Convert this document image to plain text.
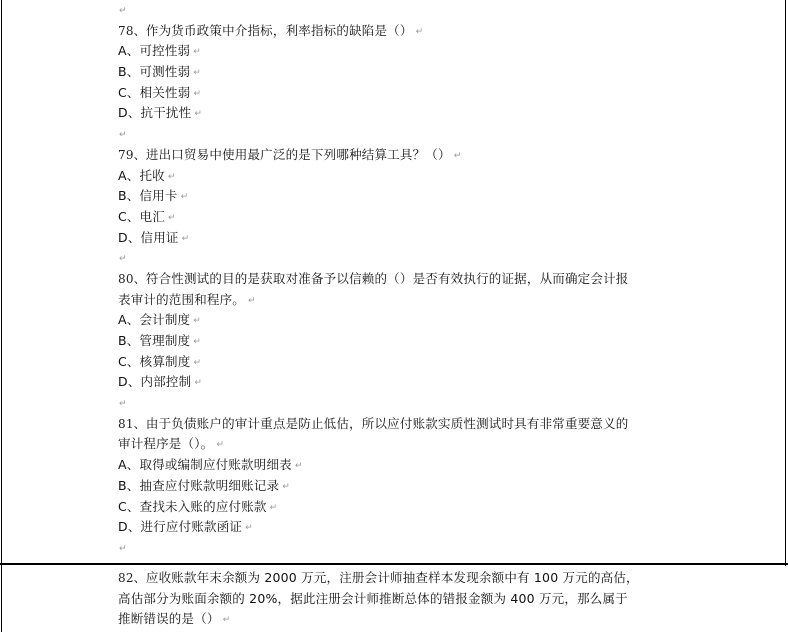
↵
78、作为货币政策中介指标，利率指标的缺陷是（） ↵
A、可控性弱 ↵
B、可测性弱 ↵
C、相关性弱 ↵
D、抗干扰性 ↵
↵
79、进出口贸易中使用最广泛的是下列哪种结算工具？（） ↵
A、托收 ↵
B、信用卡 ↵
C、电汇 ↵
D、信用证 ↵
↵
80、符合性测试的目的是获取对准备予以信赖的（）是否有效执行的证据，从而确定会计报
表审计的范围和程序。 ↵
A、会计制度 ↵
B、管理制度 ↵
C、核算制度 ↵
D、内部控制 ↵
↵
81、由于负债账户的审计重点是防止低估，所以应付账款实质性测试时具有非常重要意义的
审计程序是（）。 ↵
A、取得或编制应付账款明细表 ↵
B、抽查应付账款明细账记录 ↵
C、查找未入账的应付账款 ↵
D、进行应付账款函证 ↵
↵
82、应收账款年末余额为 2000 万元，注册会计师抽查样本发现余额中有 100 万元的高估，
高估部分为账面余额的 20%，据此注册会计师推断总体的错报金额为 400 万元，那么属于
推断错误的是（） ↵
